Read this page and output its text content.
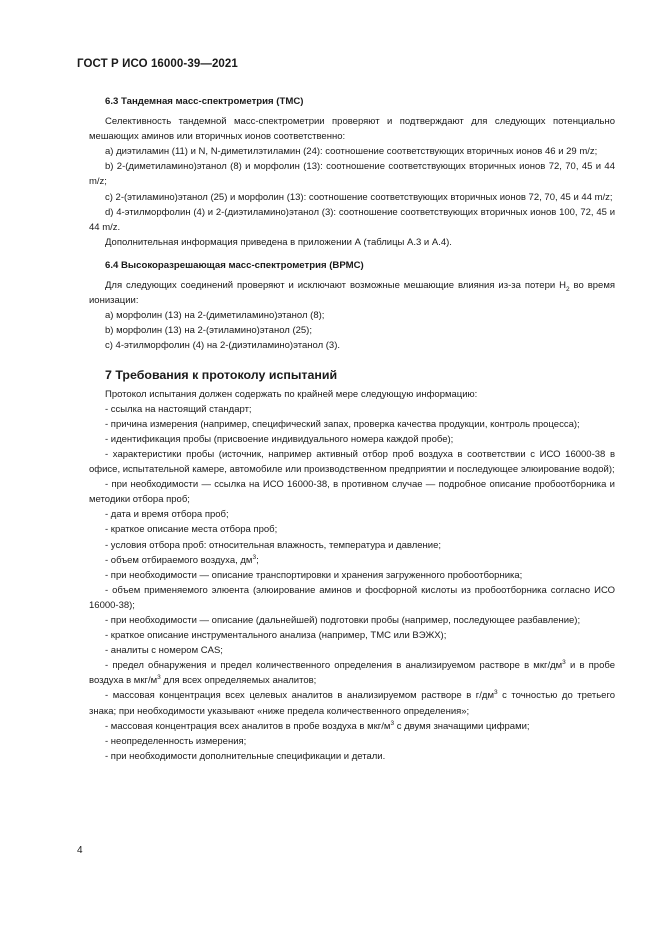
ГОСТ Р ИСО 16000-39—2021
6.3 Тандемная масс-спектрометрия (ТМС)

Селективность тандемной масс-спектрометрии проверяют и подтверждают для следующих потенциально мешающих аминов или вторичных ионов соответственно:

a) диэтиламин (11) и N, N-диметилэтиламин (24): соотношение соответствующих вторичных ионов 46 и 29 m/z;

b) 2-(диметиламино)этанол (8) и морфолин (13): соотношение соответствующих вторичных ионов 72, 70, 45 и 44 m/z;

c) 2-(этиламино)этанол (25) и морфолин (13): соотношение соответствующих вторичных ионов 72, 70, 45 и 44 m/z;

d) 4-этилморфолин (4) и 2-(диэтиламино)этанол (3): соотношение соответствующих вторичных ионов 100, 72, 45 и 44 m/z.

Дополнительная информация приведена в приложении А (таблицы А.3 и А.4).

6.4 Высокоразрешающая масс-спектрометрия (ВРМС)

Для следующих соединений проверяют и исключают возможные мешающие влияния из-за потери $H_2$ во время ионизации:

a) морфолин (13) на 2-(диметиламино)этанол (8);

b) морфолин (13) на 2-(этиламино)этанол (25);

c) 4-этилморфолин (4) на 2-(диэтиламино)этанол (3).

7 Требования к протоколу испытаний

Протокол испытания должен содержать по крайней мере следующую информацию:

- ссылка на настоящий стандарт;

- причина измерения (например, специфический запах, проверка качества продукции, контроль процесса);

- идентификация пробы (присвоение индивидуального номера каждой пробе);

- характеристики пробы (источник, например активный отбор проб воздуха в соответствии с ИСО 16000-38 в офисе, испытательной камере, автомобиле или производственном предприятии и последующее элюирование водой);

- при необходимости — ссылка на ИСО 16000-38, в противном случае — подробное описание пробоотборника и методики отбора проб;

- дата и время отбора проб;

- краткое описание места отбора проб;

- условия отбора проб: относительная влажность, температура и давление;

- объем отбираемого воздуха, $дм^3$;

- при необходимости — описание транспортировки и хранения загруженного пробоотборника;

- объем применяемого элюента (элюирование аминов и фосфорной кислоты из пробоотборника согласно ИСО 16000-38);

- при необходимости — описание (дальнейшей) подготовки пробы (например, последующее разбавление);

- краткое описание инструментального анализа (например, ТМС или ВЭЖХ);

- аналиты с номером CAS;

- предел обнаружения и предел количественного определения в анализируемом растворе в мкг/$дм^3$ и в пробе воздуха в мкг/$м^3$ для всех определяемых аналитов;

- массовая концентрация всех целевых аналитов в анализируемом растворе в $г/дм^3$ с точностью до третьего знака; при необходимости указывают «ниже предела количественного определения»;

- массовая концентрация всех аналитов в пробе воздуха в мкг/$м^3$ с двумя значащими цифрами;

- неопределенность измерения;

- при необходимости дополнительные спецификации и детали.

4
